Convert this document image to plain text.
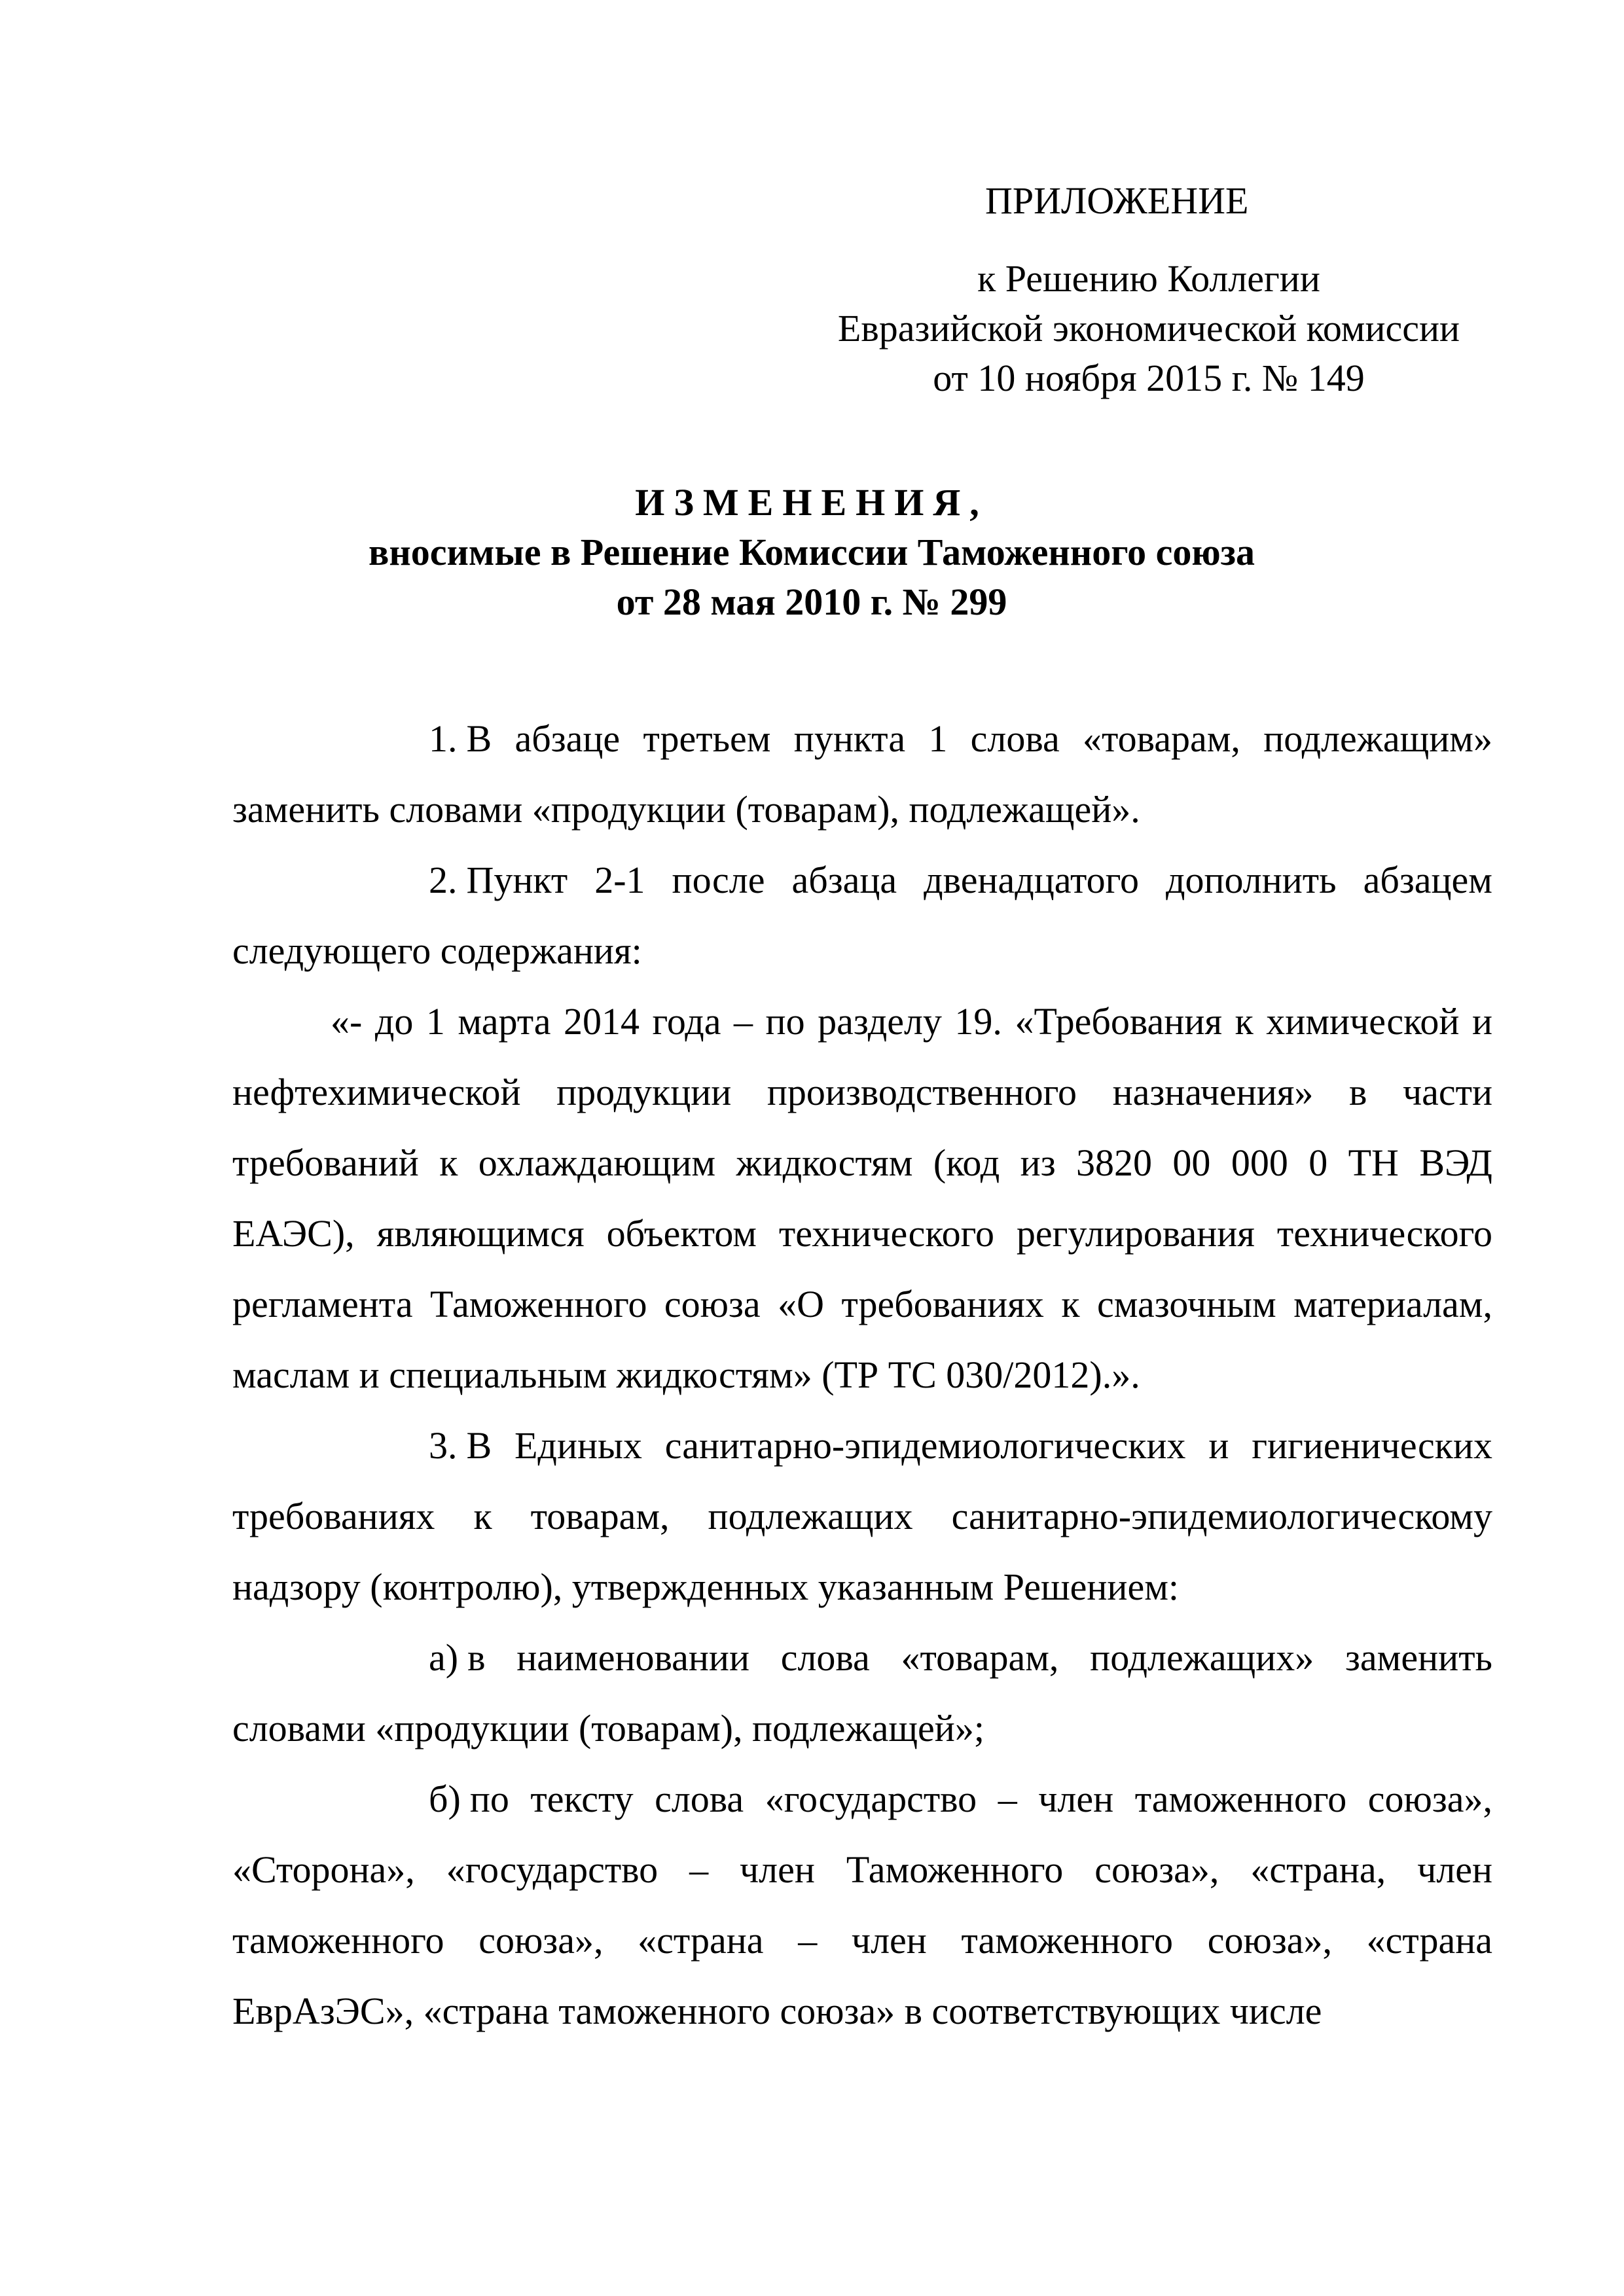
ПРИЛОЖЕНИЕ
к Решению Коллегии
Евразийской экономической комиссии
от 10 ноября 2015 г. № 149
ИЗМЕНЕНИЯ,
вносимые в Решение Комиссии Таможенного союза
от 28 мая 2010 г. № 299

1. В абзаце третьем пункта 1 слова «товарам, подлежащим» заменить словами «продукции (товарам), подлежащей».

2. Пункт 2-1 после абзаца двенадцатого дополнить абзацем следующего содержания:

«- до 1 марта 2014 года – по разделу 19. «Требования к химической и нефтехимической продукции производственного назначения» в части требований к охлаждающим жидкостям (код из 3820 00 000 0 ТН ВЭД ЕАЭС), являющимся объектом технического регулирования технического регламента Таможенного союза «О требованиях к смазочным материалам, маслам и специальным жидкостям» (ТР ТС 030/2012).».

3. В Единых санитарно-эпидемиологических и гигиенических требованиях к товарам, подлежащих санитарно-эпидемиологическому надзору (контролю), утвержденных указанным Решением:

а) в наименовании слова «товарам, подлежащих» заменить словами «продукции (товарам), подлежащей»;

б) по тексту слова «государство – член таможенного союза», «Сторона», «государство – член Таможенного союза», «страна, член таможенного союза», «страна – член таможенного союза», «страна ЕврАзЭС», «страна таможенного союза» в соответствующих числе
